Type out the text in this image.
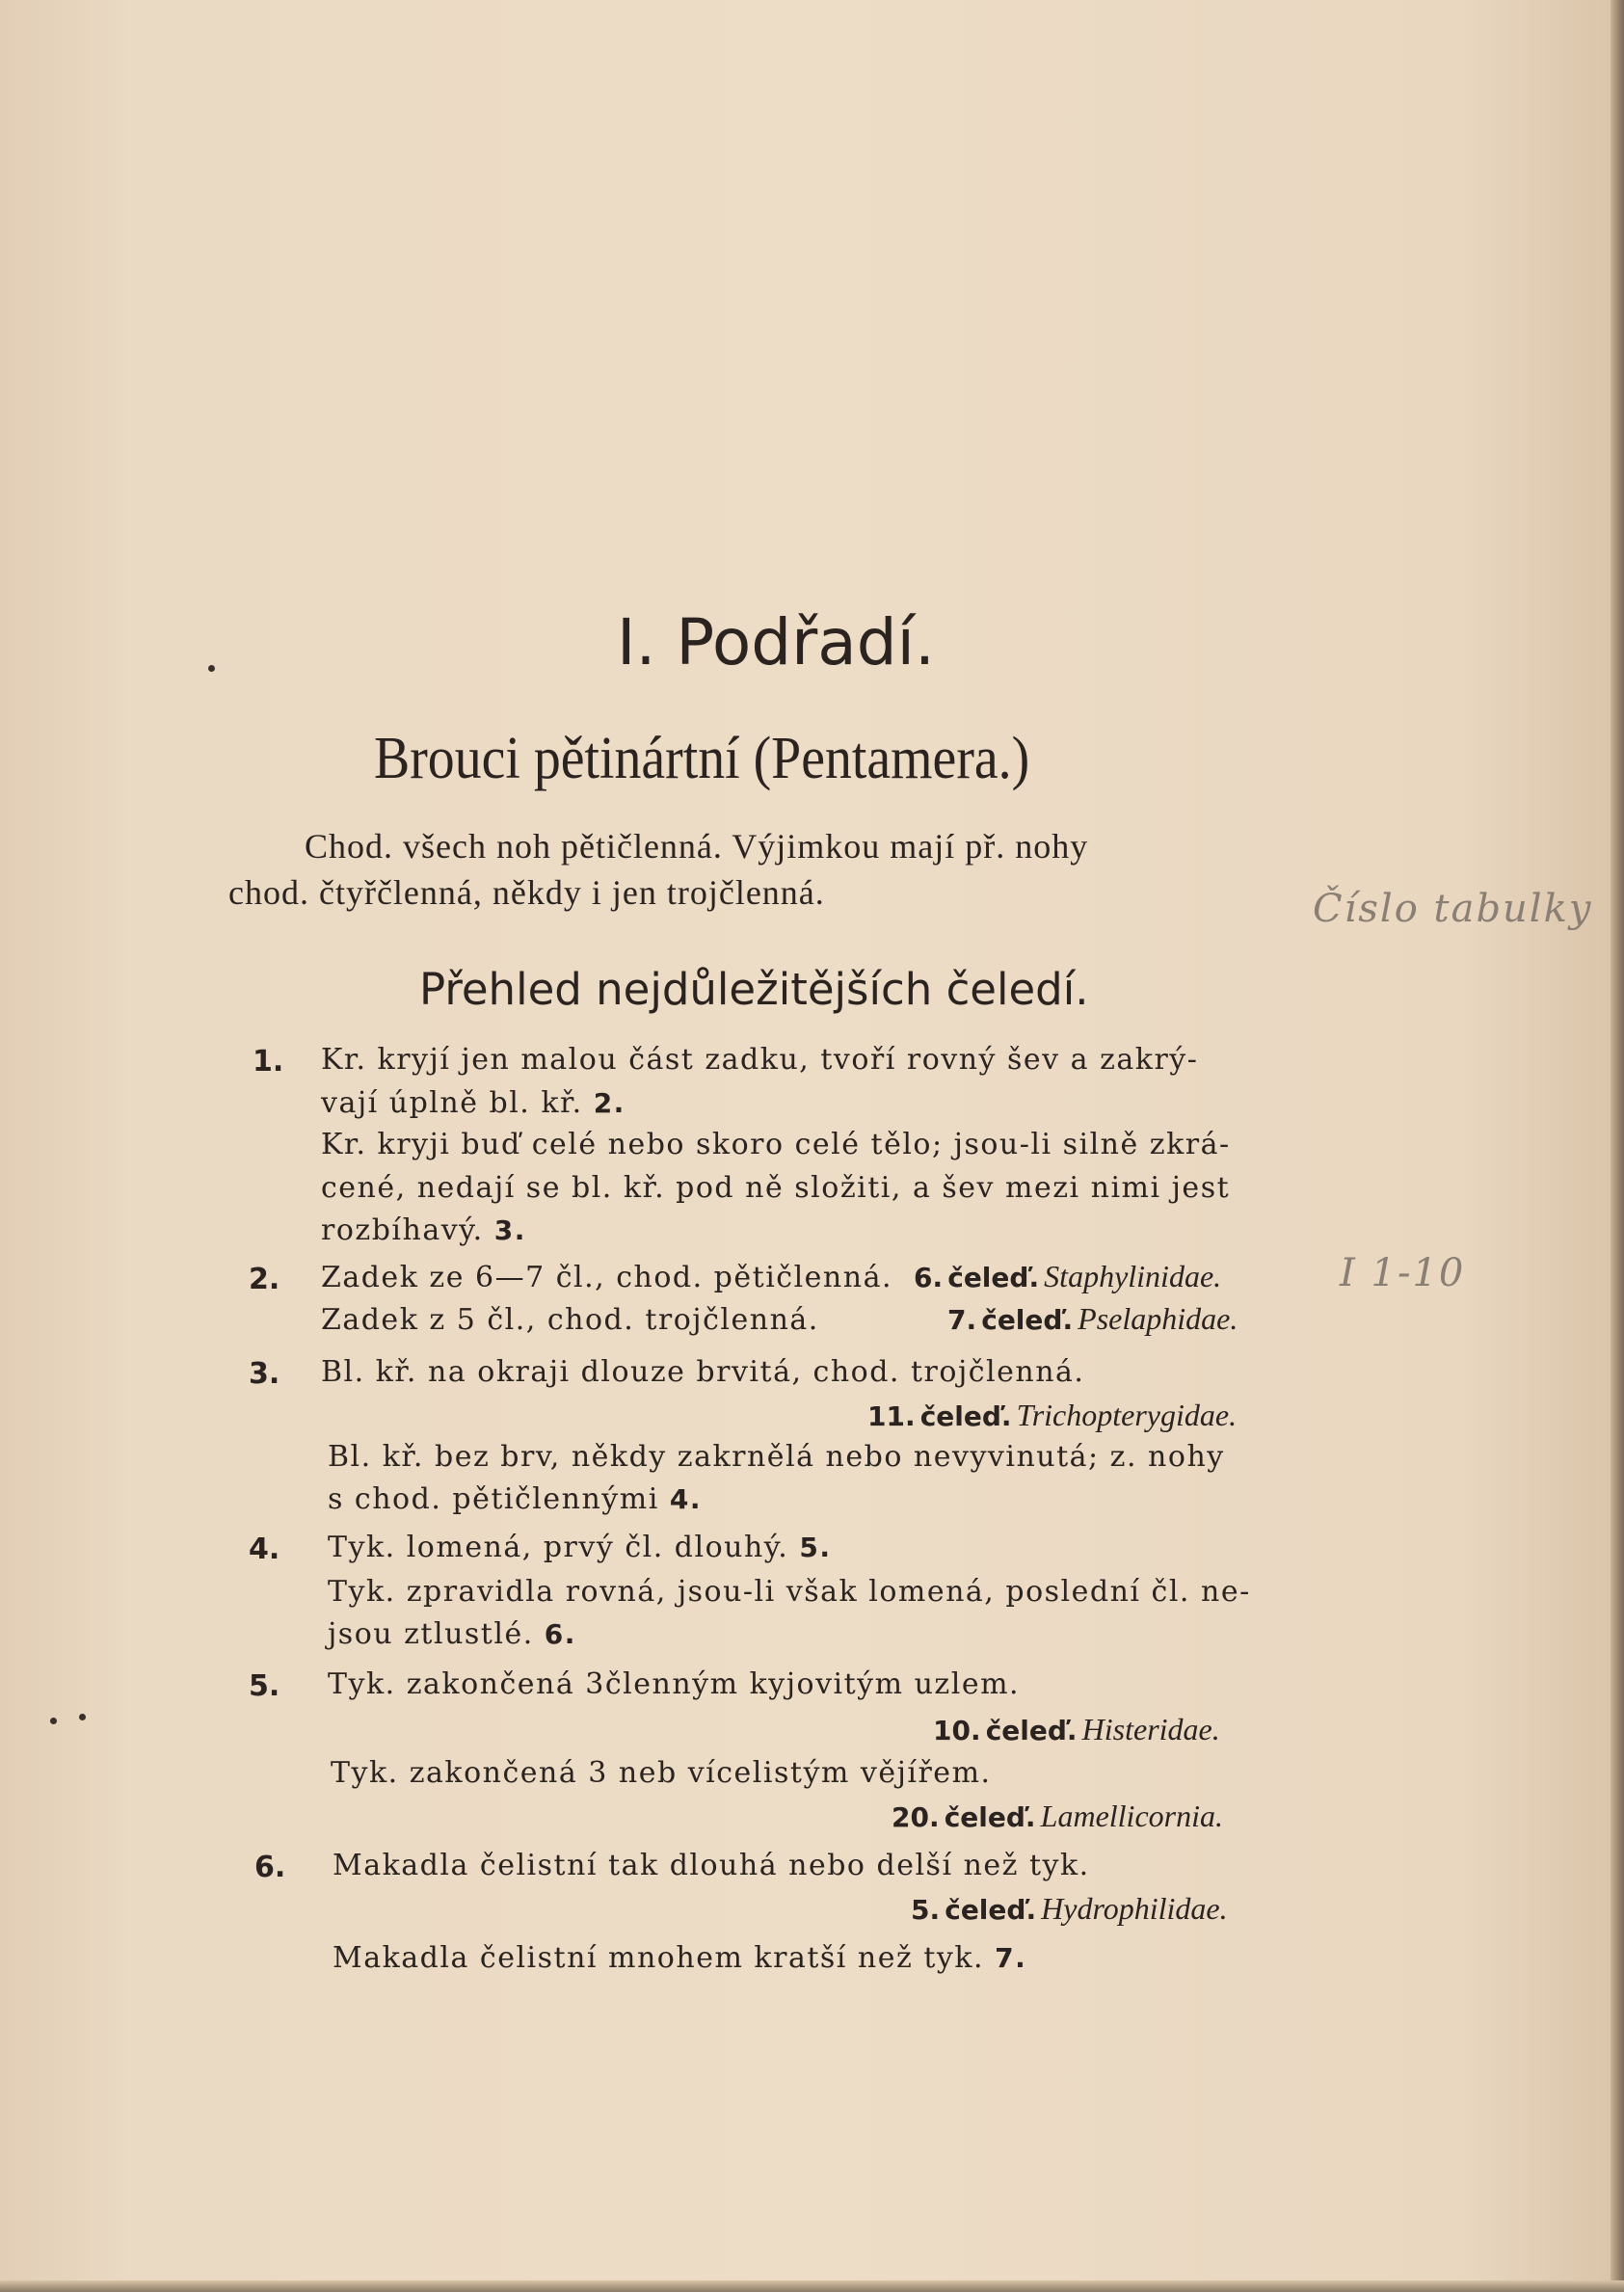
I. Podřadí.
Brouci pětinártní (Pentamera.)
Chod. všech noh pětičlenná. Výjimkou mají př. nohy
chod. čtyřčlenná, někdy i jen trojčlenná.	Číslo tabulky
I 1-10
Přehled nejdůležitějších čeledí.
1. Kr. kryjí jen malou část zadku, tvoří rovný šev a zakrý-
vají úplně bl. kř. 2.
Kr. kryji buď celé nebo skoro celé tělo; jsou-li silně zkrá-
cené, nedají se bl. kř. pod ně složiti, a šev mezi nimi jest
rozbíhavý. 3.
2. Zadek ze 6—7 čl., chod. pětičlenná. 6. čeleď. Staphylinidae.
Zadek z 5 čl., chod. trojčlenná.	7. čeleď. Pselaphidae.
3. Bl. kř. na okraji dlouze brvitá, chod. trojčlenná.
11. čeleď. Trichopterygidae.
Bl. kř. bez brv, někdy zakrnělá nebo nevyvinutá; z. nohy
s chod. pětičlennými 4.
4. Tyk. lomená, prvý čl. dlouhý. 5.
Tyk. zpravidla rovná, jsou-li však lomená, poslední čl. ne-
jsou ztlustlé. 6.
5. Tyk. zakončená 3členným kyjovitým uzlem.
10. čeleď. Histeridae.
Tyk. zakončená 3 neb vícelistým vějířem.
20. čeleď. Lamellicornia.
6. Makadla čelistní tak dlouhá nebo delší než tyk.
5. čeleď. Hydrophilidae.
Makadla čelistní mnohem kratší než tyk. 7.
